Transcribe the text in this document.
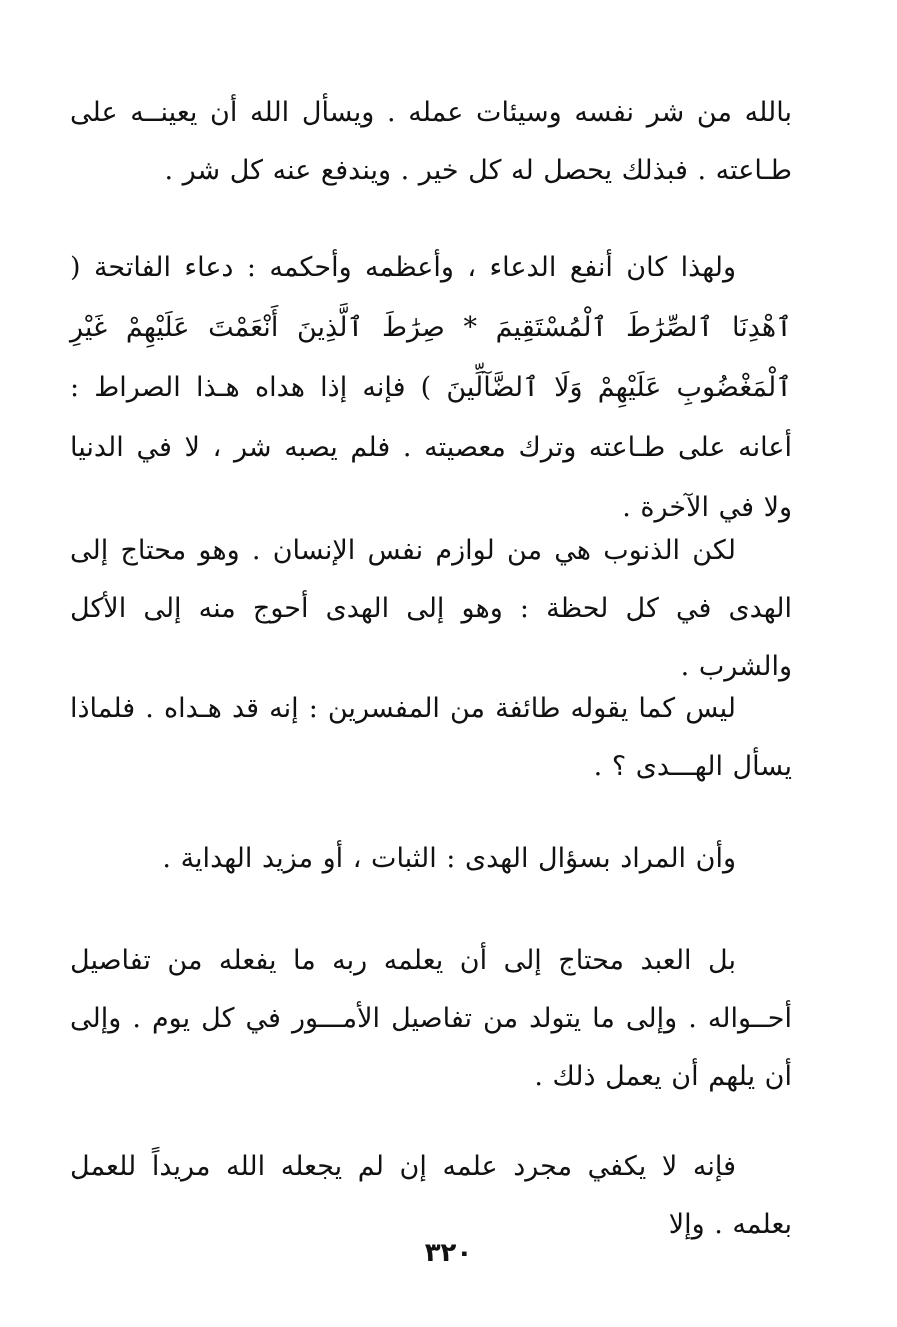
بالله من شر نفسه وسيئات عمله . ويسأل الله أن يعينــه على طـاعته . فبذلك يحصل له كل خير . ويندفع عنه كل شر .
ولهذا كان أنفع الدعاء ، وأعظمه وأحكمه : دعاء الفاتحة ( ٱهْدِنَا ٱلصِّرَٰطَ ٱلْمُسْتَقِيمَ * صِرَٰطَ ٱلَّذِينَ أَنْعَمْتَ عَلَيْهِمْ غَيْرِ ٱلْمَغْضُوبِ عَلَيْهِمْ وَلَا ٱلضَّآلِّينَ ) فإنه إذا هداه هـذا الصراط : أعانه على طـاعته وترك معصيته . فلم يصبه شر ، لا في الدنيا ولا في الآخرة .
لكن الذنوب هي من لوازم نفس الإنسان . وهو محتاج إلى الهدى في كل لحظة : وهو إلى الهدى أحوج منه إلى الأكل والشرب .
ليس كما يقوله طائفة من المفسرين : إنه قد هـداه . فلماذا يسأل الهـــدى ؟ .
وأن المراد بسؤال الهدى : الثبات ، أو مزيد الهداية .
بل العبد محتاج إلى أن يعلمه ربه ما يفعله من تفاصيل أحــواله . وإلى ما يتولد من تفاصيل الأمـــور في كل يوم . وإلى أن يلهم أن يعمل ذلك .
فإنه لا يكفي مجرد علمه إن لم يجعله الله مريداً للعمل بعلمه . وإلا
٣٢٠
